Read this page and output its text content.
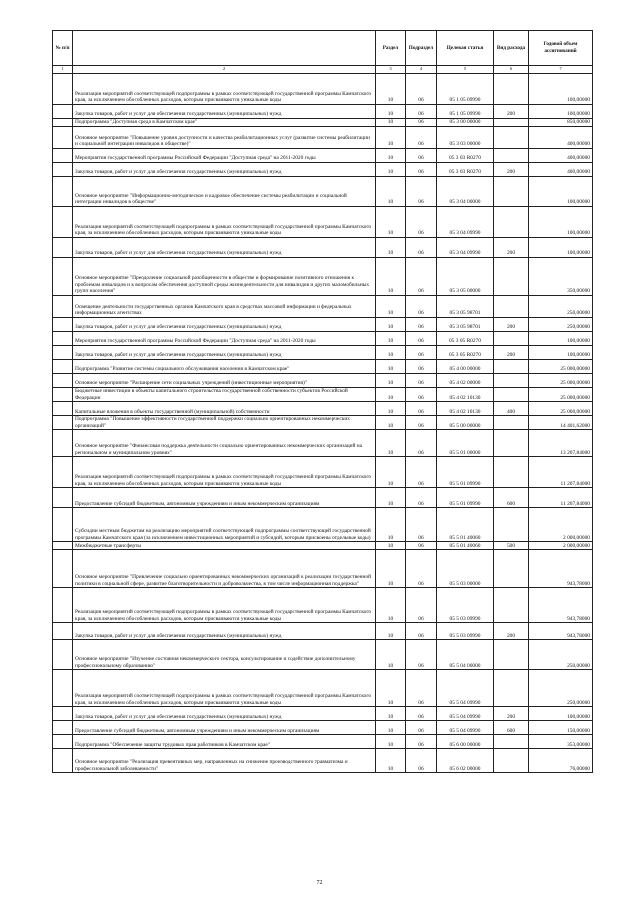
№ п/п		Раздел	Подраздел	Целевая статья	Вид расхода	Годовой объем ассигнований
1	2	3	4	5	6	7
	Реализация мероприятий соответствующей подпрограммы в рамках соответствующей государственной программы Камчатского края, за исключением обособленных расходов, которым присваиваются уникальные коды	10	06	05 1 05 09990		100,00000
	Закупка товаров, работ и услуг для обеспечения государственных (муниципальных) нужд	10	06	05 1 05 09990	200	100,00000
	Подпрограмма "Доступная среда в Камчатском крае"	10	06	05 3 00 00000		850,00000
	Основное мероприятие "Повышение уровня доступности и качества реабилитационных услуг (развитие системы реабилитации и социальной интеграции инвалидов в обществе)"	10	06	05 3 03 00000		400,00000
	Мероприятия государственной программы Российской Федерации "Доступная среда" на 2011-2020 годы	10	06	05 3 03 R0270		400,00000
	Закупка товаров, работ и услуг для обеспечения государственных (муниципальных) нужд	10	06	05 3 03 R0270	200	400,00000
	Основное мероприятие "Информационно-методическое и кадровое обеспечение системы реабилитации и социальной интеграции инвалидов в обществе"	10	06	05 3 04 00000		100,00000
	Реализация мероприятий соответствующей подпрограммы в рамках соответствующей государственной программы Камчатского края, за исключением обособленных расходов, которым присваиваются уникальные коды	10	06	05 3 04 09990		100,00000
	Закупка товаров, работ и услуг для обеспечения государственных (муниципальных) нужд	10	06	05 3 04 09990	200	100,00000
	Основное мероприятие "Преодоление социальной разобщенности в обществе и формирование позитивного отношения к проблемам инвалидов и к вопросам обеспечения доступной среды жизнедеятельности для инвалидов и других маломобильных групп населения"	10	06	05 3 05 00000		350,00000
	Освещение деятельности государственных органов Камчатского края в средствах массовой информации и федеральных информационных агентствах	10	06	05 3 05 98701		250,00000
	Закупка товаров, работ и услуг для обеспечения государственных (муниципальных) нужд	10	06	05 3 05 98701	200	250,00000
	Мероприятия государственной программы Российской Федерации "Доступная среда" на 2011-2020 годы	10	06	05 3 05 R0270		100,00000
	Закупка товаров, работ и услуг для обеспечения государственных (муниципальных) нужд	10	06	05 3 05 R0270	200	100,00000
	Подпрограмма "Развитие системы социального обслуживания населения в Камчатском крае"	10	06	05 4 00 00000		25 000,00000
	Основное мероприятие "Расширение сети социальных учреждений (инвестиционные мероприятия)"	10	06	05 4 02 00000		25 000,00000
	Бюджетные инвестиции в объекты капитального строительства государственной собственности субъектов Российской Федерации	10	06	05 4 02 10130		25 000,00000
	Капитальные вложения в объекты государственной (муниципальной) собственности	10	06	05 4 02 10130	400	25 000,00000
	Подпрограмма "Повышение эффективности государственной поддержки социально ориентированных некоммерческих организаций"	10	06	05 5 00 00000		14 401,62000
	Основное мероприятие "Финансовая поддержка деятельности социально ориентированных некоммерческих организаций на региональном и муниципальном уровнях"	10	06	05 5 01 00000		13 207,84000
	Реализация мероприятий соответствующей подпрограммы в рамках соответствующей государственной программы Камчатского края, за исключением обособленных расходов, которым присваиваются уникальные коды	10	06	05 5 01 09990		11 207,84000
	Предоставление субсидий бюджетным, автономным учреждениям и иным некоммерческим организациям	10	06	05 5 01 09990	600	11 207,84000
	Субсидии местным бюджетам на реализацию мероприятий соответствующей подпрограммы соответствующей государственной программы Камчатского края (за исключением инвестиционных мероприятий и субсидий, которым присвоены отдельные коды)	10	06	05 5 01 40060		2 000,00000
	Межбюджетные трансферты	10	06	05 5 01 40060	500	2 000,00000
	Основное мероприятие "Привлечение социально ориентированных некоммерческих организаций к реализации государственной политики в социальной сфере, развитие благотворительности и добровольчества, в том числе информационная поддержка"	10	06	05 5 03 00000		943,78000
	Реализация мероприятий соответствующей подпрограммы в рамках соответствующей государственной программы Камчатского края, за исключением обособленных расходов, которым присваиваются уникальные коды	10	06	05 5 03 09990		943,78000
	Закупка товаров, работ и услуг для обеспечения государственных (муниципальных) нужд	10	06	05 5 03 09990	200	943,78000
	Основное мероприятие "Изучение состояния некоммерческого сектора, консультирование и содействие дополнительному профессиональному образованию"	10	06	05 5 04 00000		250,00000
	Реализация мероприятий соответствующей подпрограммы в рамках соответствующей государственной программы Камчатского края, за исключением обособленных расходов, которым присваиваются уникальные коды	10	06	05 5 04 09990		250,00000
	Закупка товаров, работ и услуг для обеспечения государственных (муниципальных) нужд	10	06	05 5 04 09990	200	100,00000
	Предоставление субсидий бюджетным, автономным учреждениям и иным некоммерческим организациям	10	06	05 5 04 09990	600	150,00000
	Подпрограмма "Обеспечение защиты трудовых прав работников в Камчатском крае"	10	06	05 6 00 00000		353,00000
	Основное мероприятие "Реализация превентивных мер, направленных на снижение производственного травматизма и профессиональной заболеваемости"	10	06	05 6 02 00000		76,00000
72
